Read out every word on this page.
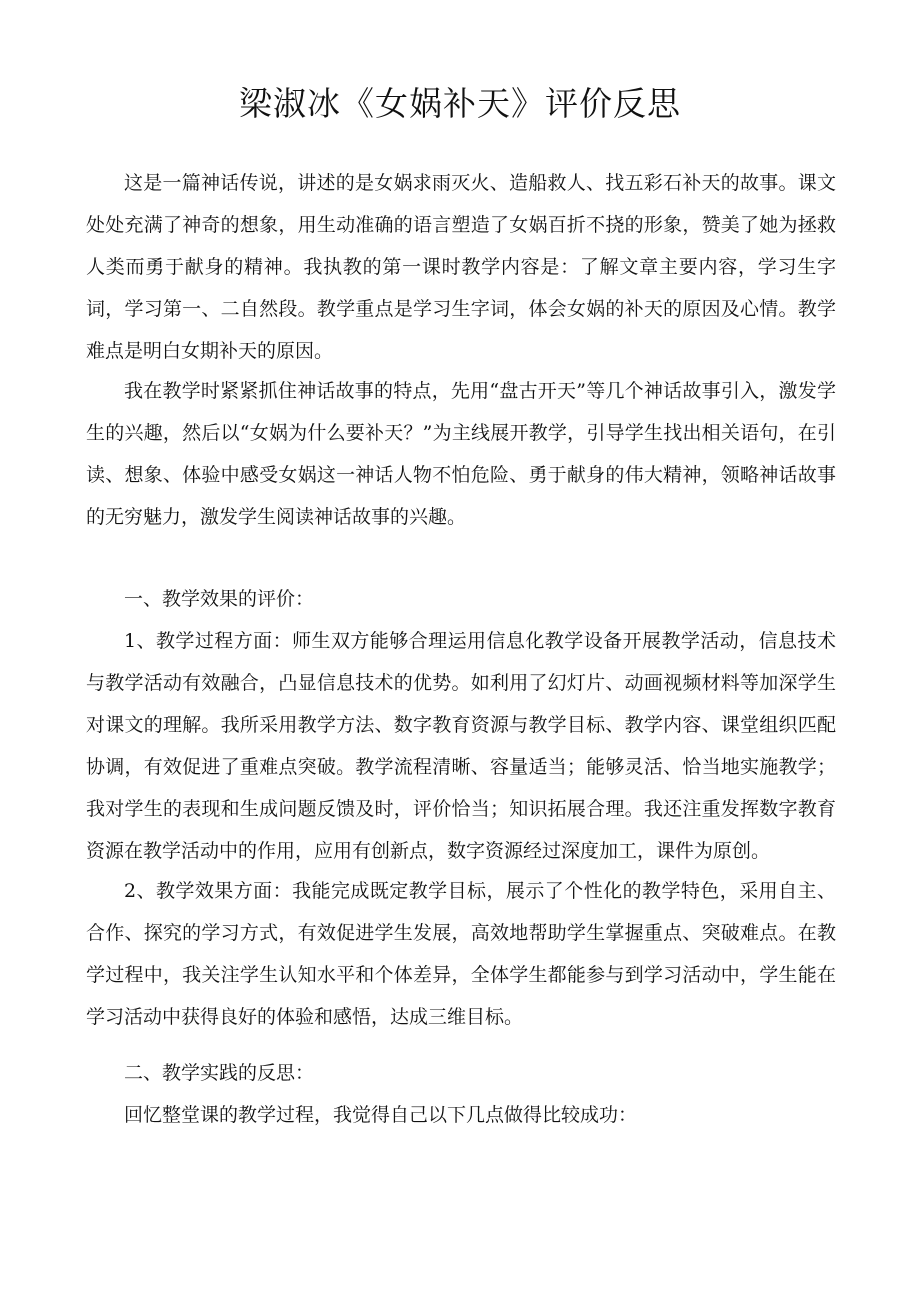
梁淑冰《女娲补天》评价反思

这是一篇神话传说，讲述的是女娲求雨灭火、造船救人、找五彩石补天的故事。课文处处充满了神奇的想象，用生动准确的语言塑造了女娲百折不挠的形象，赞美了她为拯救人类而勇于献身的精神。我执教的第一课时教学内容是：了解文章主要内容，学习生字词，学习第一、二自然段。教学重点是学习生字词，体会女娲的补天的原因及心情。教学难点是明白女期补天的原因。

我在教学时紧紧抓住神话故事的特点，先用“盘古开天”等几个神话故事引入，激发学生的兴趣，然后以“女娲为什么要补天？”为主线展开教学，引导学生找出相关语句，在引读、想象、体验中感受女娲这一神话人物不怕危险、勇于献身的伟大精神，领略神话故事的无穷魅力，激发学生阅读神话故事的兴趣。

一、教学效果的评价：

1、教学过程方面：师生双方能够合理运用信息化教学设备开展教学活动，信息技术与教学活动有效融合，凸显信息技术的优势。如利用了幻灯片、动画视频材料等加深学生对课文的理解。我所采用教学方法、数字教育资源与教学目标、教学内容、课堂组织匹配协调，有效促进了重难点突破。教学流程清晰、容量适当；能够灵活、恰当地实施教学；我对学生的表现和生成问题反馈及时，评价恰当；知识拓展合理。我还注重发挥数字教育资源在教学活动中的作用，应用有创新点，数字资源经过深度加工，课件为原创。

2、教学效果方面：我能完成既定教学目标，展示了个性化的教学特色，采用自主、合作、探究的学习方式，有效促进学生发展，高效地帮助学生掌握重点、突破难点。在教学过程中，我关注学生认知水平和个体差异，全体学生都能参与到学习活动中，学生能在学习活动中获得良好的体验和感悟，达成三维目标。

二、教学实践的反思：

回忆整堂课的教学过程，我觉得自己以下几点做得比较成功：
